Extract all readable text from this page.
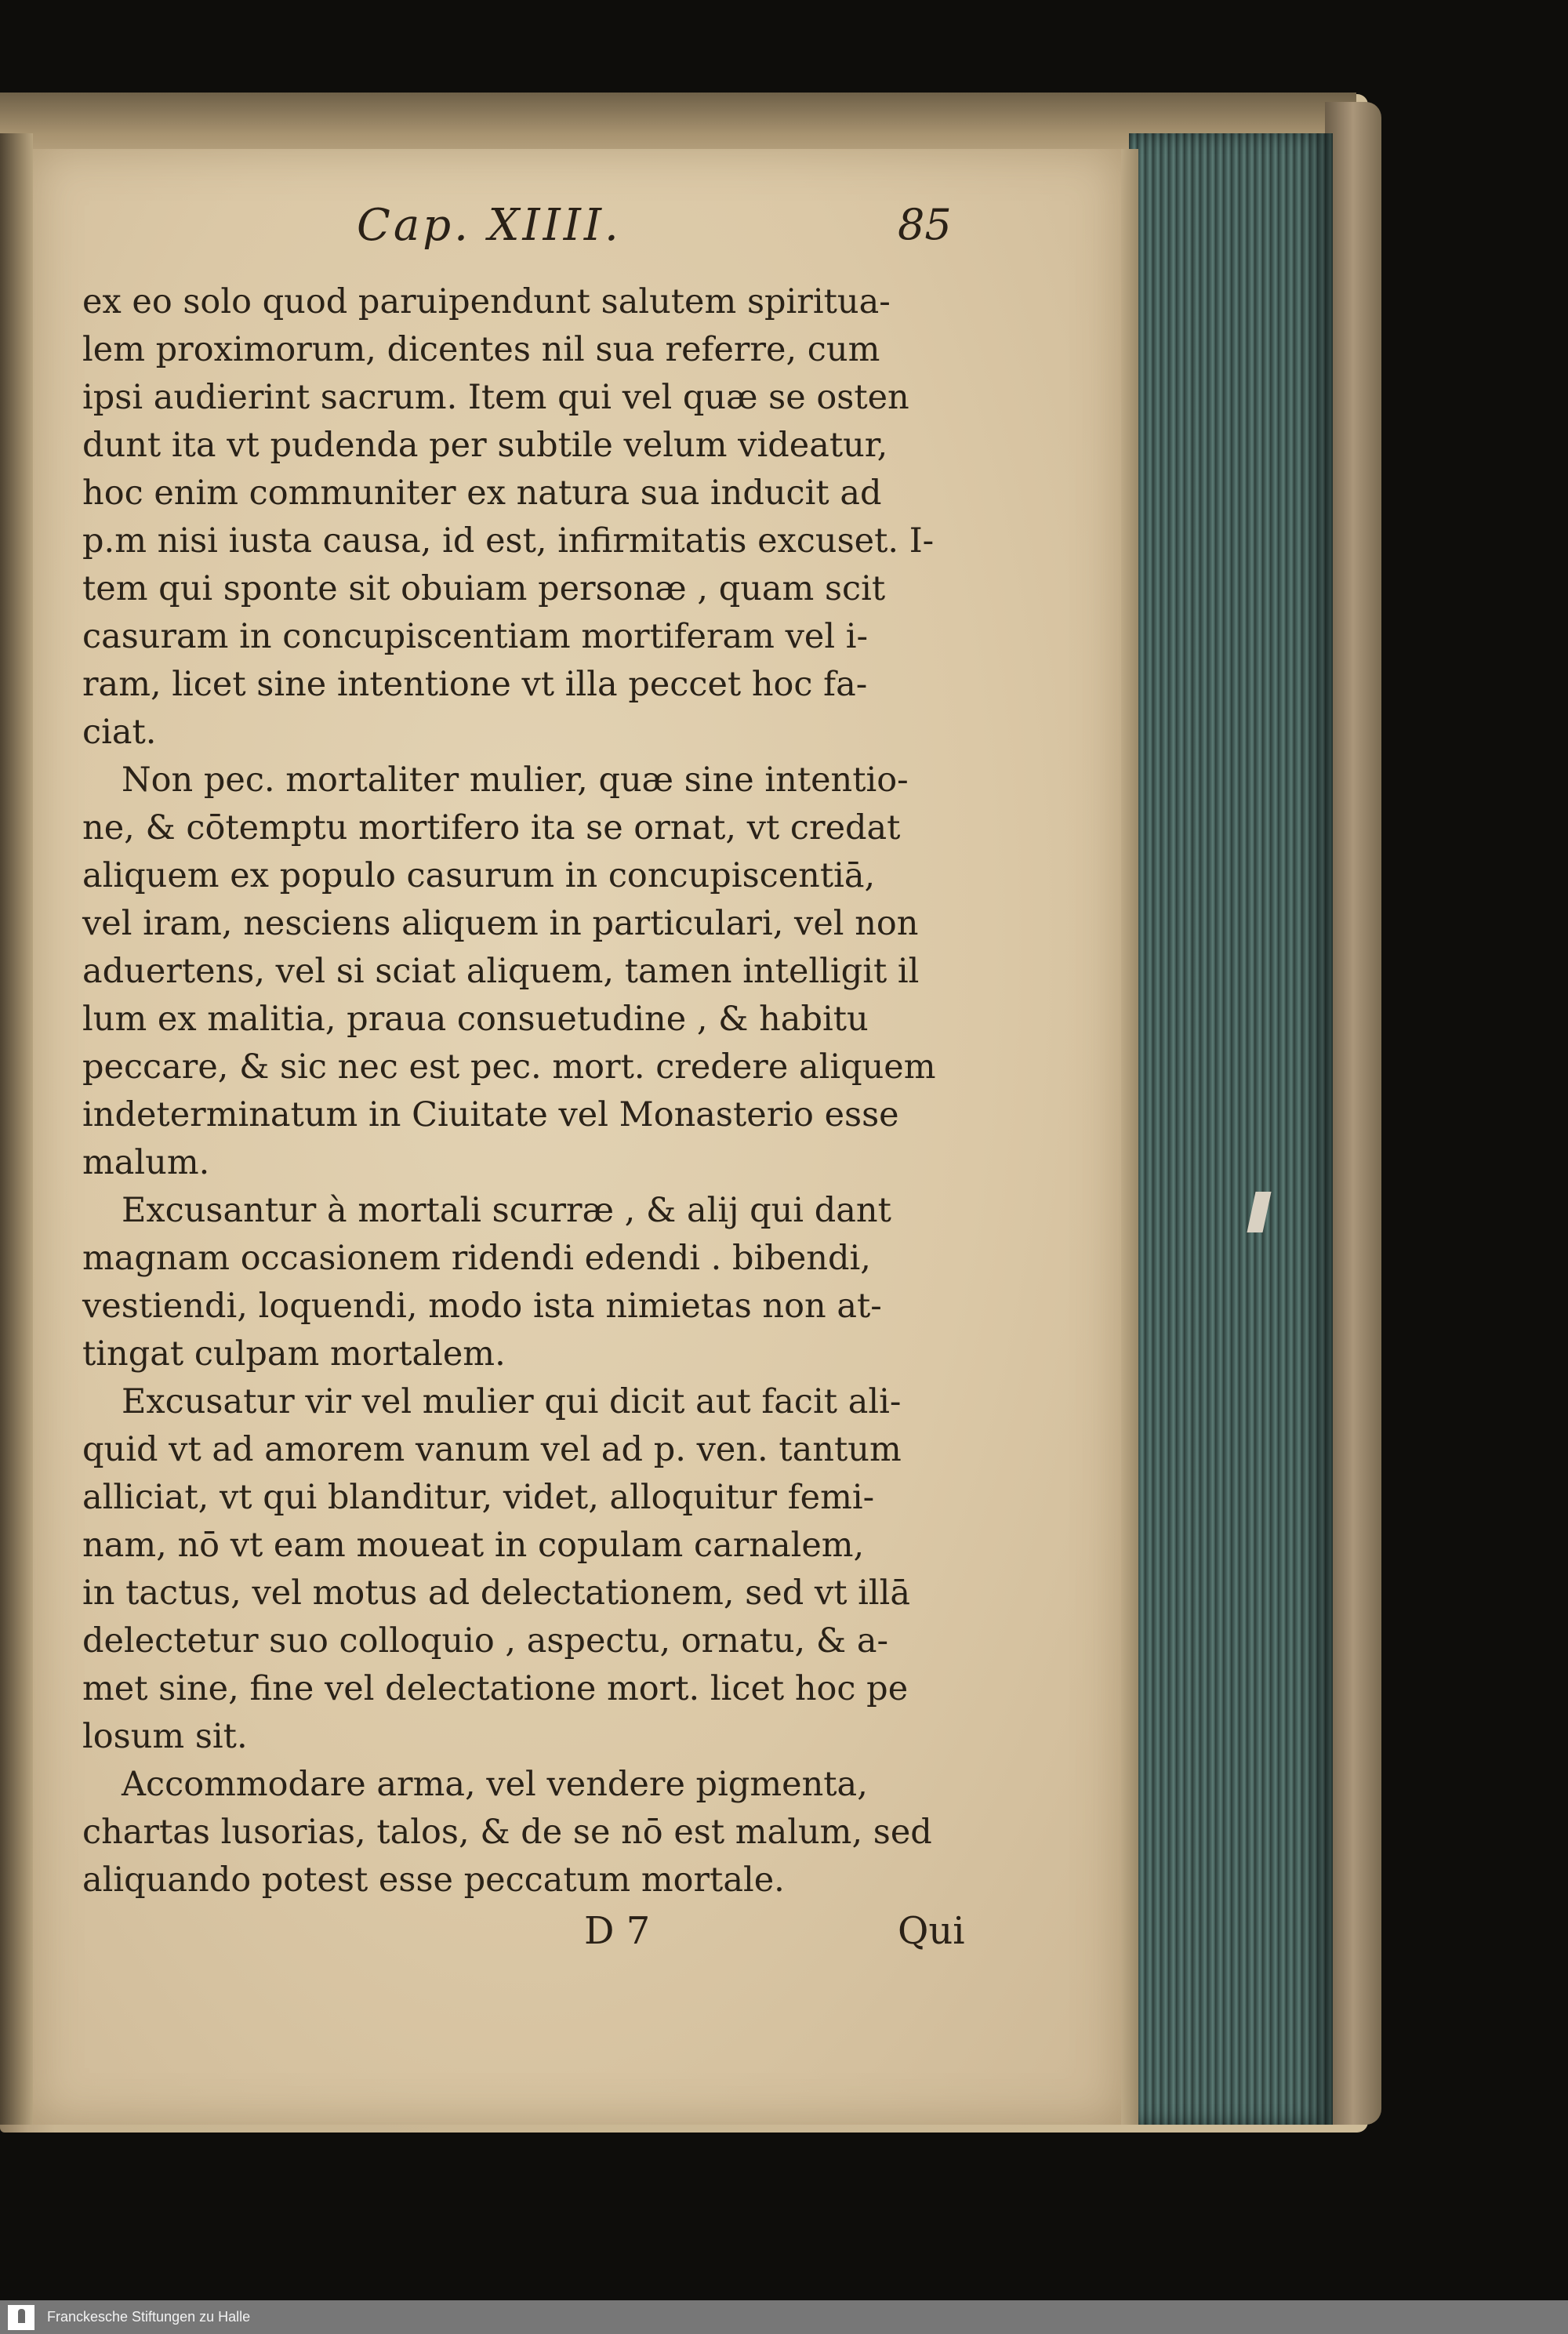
Cap. XIIII.	85
ex eo solo quod paruipendunt salutem spiritua-
lem proximorum, dicentes nil sua referre, cum
ipsi audierint sacrum. Item qui vel quæ se osten
dunt ita vt pudenda per subtile velum videatur,
hoc enim communiter ex natura sua inducit ad
p.m nisi iusta causa, id est, infirmitatis excuset. I-
tem qui sponte sit obuiam personæ , quam scit
casuram in concupiscentiam mortiferam vel i-
ram, licet sine intentione vt illa peccet hoc fa-
ciat.
Non pec. mortaliter mulier, quæ sine intentio-
ne, & cōtemptu mortifero ita se ornat, vt credat
aliquem ex populo casurum in concupiscentiā,
vel iram, nesciens aliquem in particulari, vel non
aduertens, vel si sciat aliquem, tamen intelligit il
lum ex malitia, praua consuetudine , & habitu
peccare, & sic nec est pec. mort. credere aliquem
indeterminatum in Ciuitate vel Monasterio esse
malum.
Excusantur à mortali scurræ , & alij qui dant
magnam occasionem ridendi edendi . bibendi,
vestiendi, loquendi, modo ista nimietas non at-
tingat culpam mortalem.
Excusatur vir vel mulier qui dicit aut facit ali-
quid vt ad amorem vanum vel ad p. ven. tantum
alliciat, vt qui blanditur, videt, alloquitur femi-
nam, nō vt eam moueat in copulam carnalem,
in tactus, vel motus ad delectationem, sed vt illā
delectetur suo colloquio , aspectu, ornatu, & a-
met sine, fine vel delectatione mort. licet hoc pe
losum sit.
Accommodare arma, vel vendere pigmenta,
chartas lusorias, talos, & de se nō est malum, sed
aliquando potest esse peccatum mortale.
D 7	Qui
Franckesche Stiftungen zu Halle
